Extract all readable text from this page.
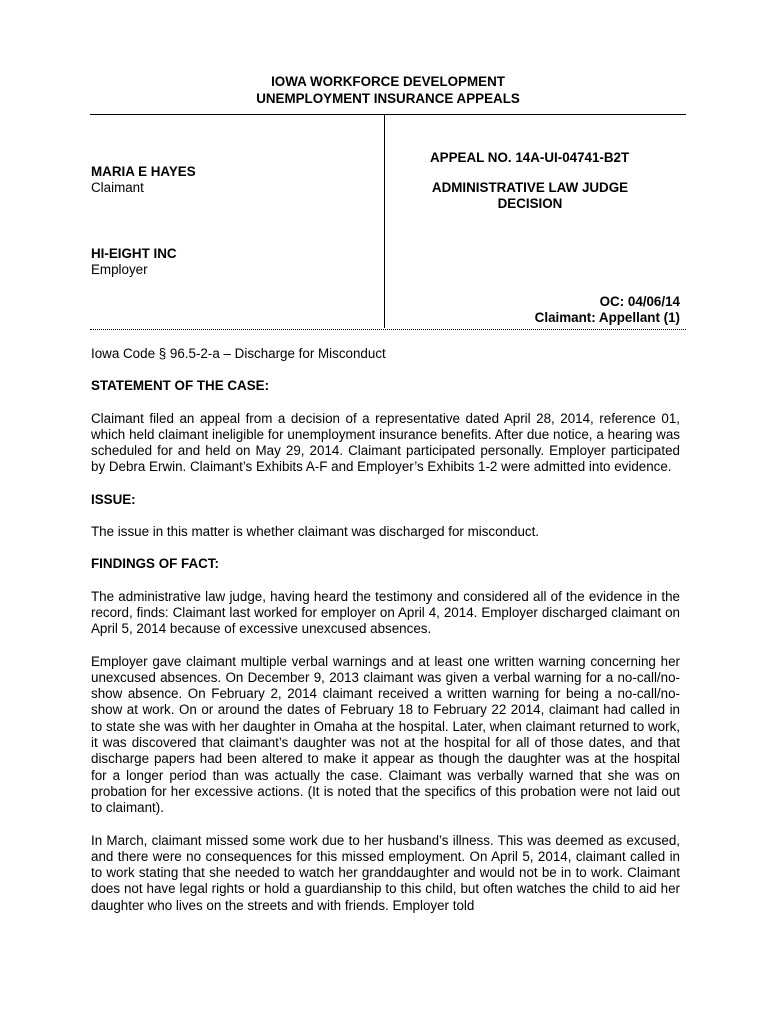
IOWA WORKFORCE DEVELOPMENT
UNEMPLOYMENT INSURANCE APPEALS
MARIA E HAYES
Claimant
HI-EIGHT INC
Employer
APPEAL NO. 14A-UI-04741-B2T
ADMINISTRATIVE LAW JUDGE
DECISION
OC: 04/06/14
Claimant: Appellant (1)

Iowa Code § 96.5-2-a – Discharge for Misconduct

STATEMENT OF THE CASE:

Claimant filed an appeal from a decision of a representative dated April 28, 2014, reference 01, which held claimant ineligible for unemployment insurance benefits. After due notice, a hearing was scheduled for and held on May 29, 2014. Claimant participated personally. Employer participated by Debra Erwin. Claimant’s Exhibits A-F and Employer’s Exhibits 1-2 were admitted into evidence.

ISSUE:

The issue in this matter is whether claimant was discharged for misconduct.

FINDINGS OF FACT:

The administrative law judge, having heard the testimony and considered all of the evidence in the record, finds: Claimant last worked for employer on April 4, 2014. Employer discharged claimant on April 5, 2014 because of excessive unexcused absences.

Employer gave claimant multiple verbal warnings and at least one written warning concerning her unexcused absences. On December 9, 2013 claimant was given a verbal warning for a no-call/no-show absence. On February 2, 2014 claimant received a written warning for being a no-call/no-show at work. On or around the dates of February 18 to February 22 2014, claimant had called in to state she was with her daughter in Omaha at the hospital. Later, when claimant returned to work, it was discovered that claimant’s daughter was not at the hospital for all of those dates, and that discharge papers had been altered to make it appear as though the daughter was at the hospital for a longer period than was actually the case. Claimant was verbally warned that she was on probation for her excessive actions. (It is noted that the specifics of this probation were not laid out to claimant).

In March, claimant missed some work due to her husband’s illness. This was deemed as excused, and there were no consequences for this missed employment. On April 5, 2014, claimant called in to work stating that she needed to watch her granddaughter and would not be in to work. Claimant does not have legal rights or hold a guardianship to this child, but often watches the child to aid her daughter who lives on the streets and with friends. Employer told
